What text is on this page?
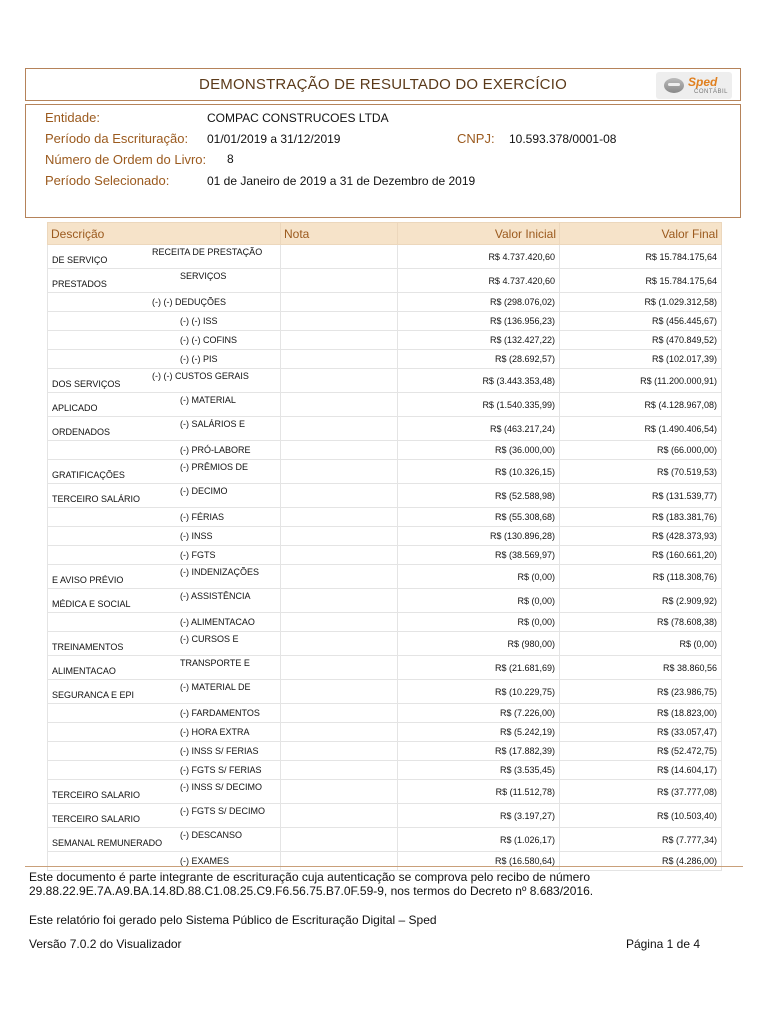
DEMONSTRAÇÃO DE RESULTADO DO EXERCÍCIO	Sped
CONTÁBIL
Entidade:	COMPAC CONSTRUCOES LTDA
Período da Escrituração: 01/01/2019 a 31/12/2019	CNPJ: 10.593.378/0001-08
Número de Ordem do Livro: 8
Período Selecionado:	01 de Janeiro de 2019 a 31 de Dezembro de 2019
Descrição	Nota	Valor Inicial	Valor Final

RECEITA DE PRESTAÇÃO
DE SERVIÇO		R$ 4.737.420,60	R$ 15.784.175,64

SERVIÇOS
PRESTADOS		R$ 4.737.420,60	R$ 15.784.175,64

(-) (-) DEDUÇÕES		R$ (298.076,02)	R$ (1.029.312,58)

(-) (-) ISS		R$ (136.956,23)	R$ (456.445,67)

(-) (-) COFINS		R$ (132.427,22)	R$ (470.849,52)

(-) (-) PIS		R$ (28.692,57)	R$ (102.017,39)

(-) (-) CUSTOS GERAIS
DOS SERVIÇOS		R$ (3.443.353,48)	R$ (11.200.000,91)

(-) MATERIAL
APLICADO		R$ (1.540.335,99)	R$ (4.128.967,08)

(-) SALÁRIOS E
ORDENADOS		R$ (463.217,24)	R$ (1.490.406,54)

(-) PRÓ-LABORE		R$ (36.000,00)	R$ (66.000,00)

(-) PRÊMIOS DE
GRATIFICAÇÕES		R$ (10.326,15)	R$ (70.519,53)

(-) DECIMO
TERCEIRO SALÁRIO		R$ (52.588,98)	R$ (131.539,77)

(-) FÉRIAS		R$ (55.308,68)	R$ (183.381,76)

(-) INSS		R$ (130.896,28)	R$ (428.373,93)

(-) FGTS		R$ (38.569,97)	R$ (160.661,20)

(-) INDENIZAÇÕES
E AVISO PRÉVIO		R$ (0,00)	R$ (118.308,76)

(-) ASSISTÊNCIA
MÉDICA E SOCIAL		R$ (0,00)	R$ (2.909,92)

(-) ALIMENTACAO		R$ (0,00)	R$ (78.608,38)

(-) CURSOS E
TREINAMENTOS		R$ (980,00)	R$ (0,00)

TRANSPORTE E
ALIMENTACAO		R$ (21.681,69)	R$ 38.860,56

(-) MATERIAL DE
SEGURANCA E EPI		R$ (10.229,75)	R$ (23.986,75)

(-) FARDAMENTOS		R$ (7.226,00)	R$ (18.823,00)

(-) HORA EXTRA		R$ (5.242,19)	R$ (33.057,47)

(-) INSS S/ FERIAS		R$ (17.882,39)	R$ (52.472,75)

(-) FGTS S/ FERIAS		R$ (3.535,45)	R$ (14.604,17)

(-) INSS S/ DECIMO
TERCEIRO SALARIO		R$ (11.512,78)	R$ (37.777,08)

(-) FGTS S/ DECIMO
TERCEIRO SALARIO		R$ (3.197,27)	R$ (10.503,40)

(-) DESCANSO
SEMANAL REMUNERADO		R$ (1.026,17)	R$ (7.777,34)

(-) EXAMES		R$ (16.580,64)	R$ (4.286,00)
Este documento é parte integrante de escrituração cuja autenticação se comprova pelo recibo de número
29.88.22.9E.7A.A9.BA.14.8D.88.C1.08.25.C9.F6.56.75.B7.0F.59-9, nos termos do Decreto nº 8.683/2016.
Este relatório foi gerado pelo Sistema Público de Escrituração Digital – Sped
Versão 7.0.2 do Visualizador	Página 1 de 4
